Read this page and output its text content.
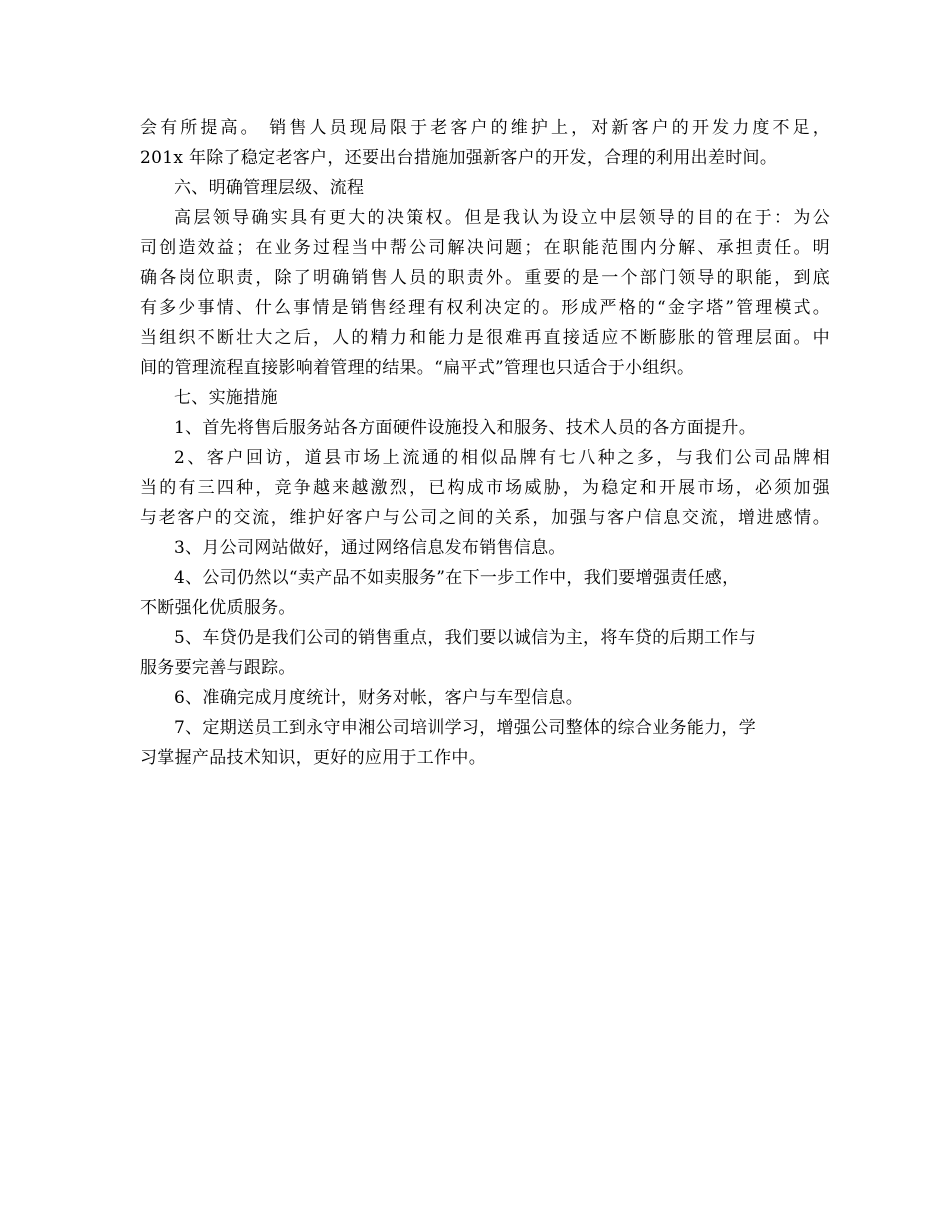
会有所提高。 销售人员现局限于老客户的维护上，对新客户的开发力度不足，
201x 年除了稳定老客户，还要出台措施加强新客户的开发，合理的利用出差时间。
六、明确管理层级、流程
高层领导确实具有更大的决策权。但是我认为设立中层领导的目的在于：为公
司创造效益；在业务过程当中帮公司解决问题；在职能范围内分解、承担责任。明
确各岗位职责，除了明确销售人员的职责外。重要的是一个部门领导的职能，到底
有多少事情、什么事情是销售经理有权利决定的。形成严格的“金字塔”管理模式。
当组织不断壮大之后，人的精力和能力是很难再直接适应不断膨胀的管理层面。中
间的管理流程直接影响着管理的结果。“扁平式”管理也只适合于小组织。
七、实施措施
1、首先将售后服务站各方面硬件设施投入和服务、技术人员的各方面提升。
2、客户回访，道县市场上流通的相似品牌有七八种之多，与我们公司品牌相
当的有三四种，竞争越来越激烈，已构成市场威胁，为稳定和开展市场，必须加强
与老客户的交流，维护好客户与公司之间的关系，加强与客户信息交流，增进感情。
3、月公司网站做好，通过网络信息发布销售信息。
4、公司仍然以“卖产品不如卖服务”在下一步工作中，我们要增强责任感，
不断强化优质服务。
5、车贷仍是我们公司的销售重点，我们要以诚信为主，将车贷的后期工作与
服务要完善与跟踪。
6、准确完成月度统计，财务对帐，客户与车型信息。
7、定期送员工到永守申湘公司培训学习，增强公司整体的综合业务能力，学
习掌握产品技术知识，更好的应用于工作中。
